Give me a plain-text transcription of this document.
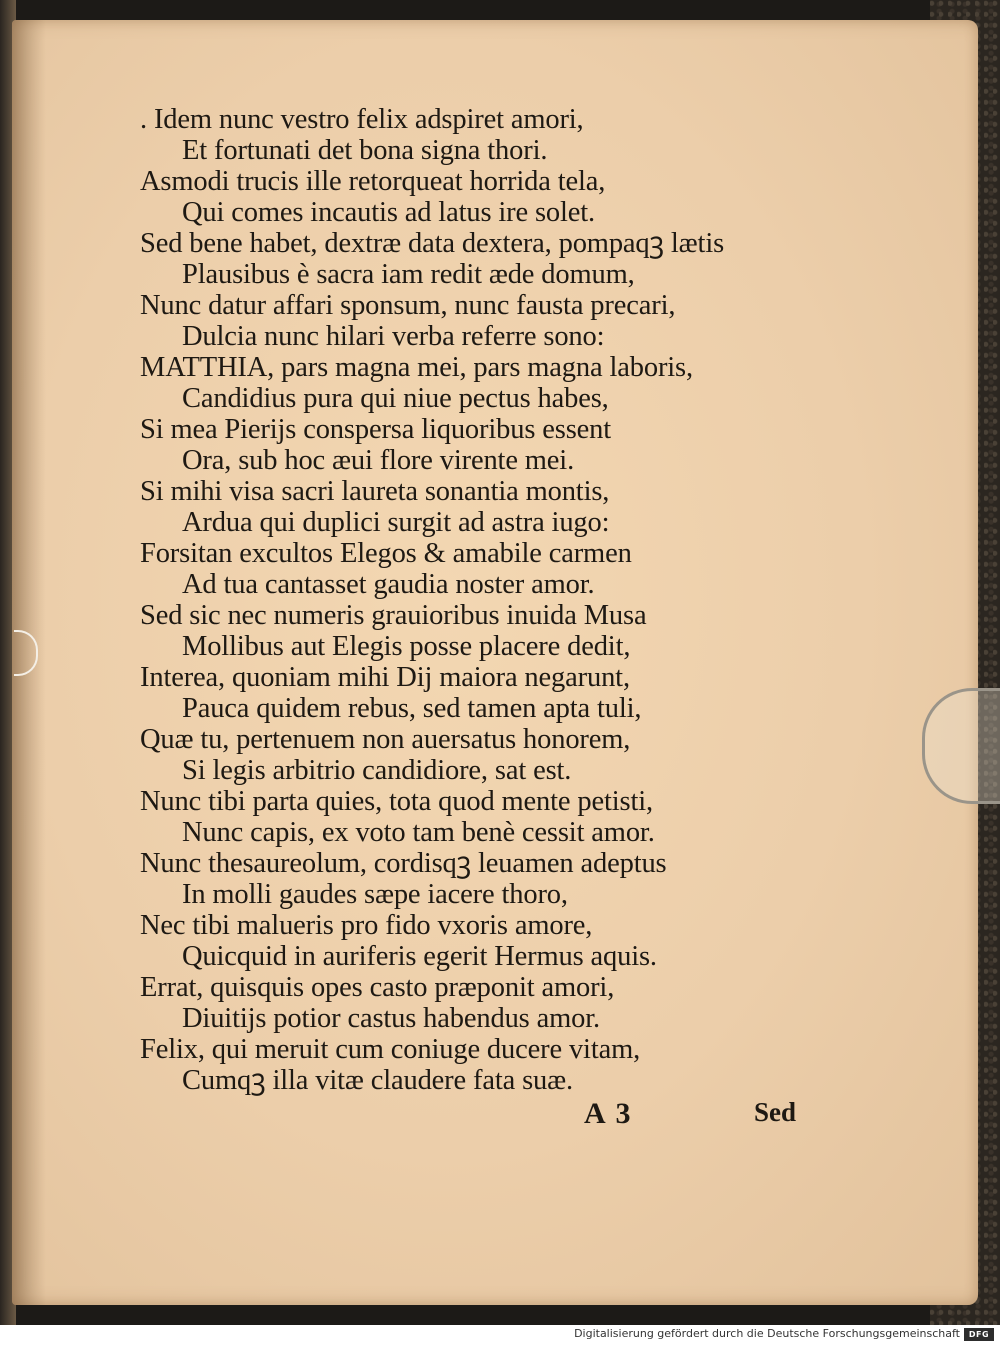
. Idem nunc vestro felix adspiret amori,
Et fortunati det bona signa thori.
Asmodi trucis ille retorqueat horrida tela,
Qui comes incautis ad latus ire solet.
Sed bene habet, dextræ data dextera, pompaqꝫ lætis
Plausibus è sacra iam redit æde domum,
Nunc datur affari sponsum, nunc fausta precari,
Dulcia nunc hilari verba referre sono:
MATTHIA, pars magna mei, pars magna laboris,
Candidius pura qui niue pectus habes,
Si mea Pierijs conspersa liquoribus essent
Ora, sub hoc æui flore virente mei.
Si mihi visa sacri laureta sonantia montis,
Ardua qui duplici surgit ad astra iugo:
Forsitan excultos Elegos & amabile carmen
Ad tua cantasset gaudia noster amor.
Sed sic nec numeris grauioribus inuida Musa
Mollibus aut Elegis posse placere dedit,
Interea, quoniam mihi Dij maiora negarunt,
Pauca quidem rebus, sed tamen apta tuli,
Quæ tu, pertenuem non auersatus honorem,
Si legis arbitrio candidiore, sat est.
Nunc tibi parta quies, tota quod mente petisti,
Nunc capis, ex voto tam benè cessit amor.
Nunc thesaureolum, cordisqꝫ leuamen adeptus
In molli gaudes sæpe iacere thoro,
Nec tibi malueris pro fido vxoris amore,
Quicquid in auriferis egerit Hermus aquis.
Errat, quisquis opes casto præponit amori,
Diuitijs potior castus habendus amor.
Felix, qui meruit cum coniuge ducere vitam,
Cumqꝫ illa vitæ claudere fata suæ.
A 3	Sed
Digitalisierung gefördert durch die Deutsche Forschungsgemeinschaft	DFG
